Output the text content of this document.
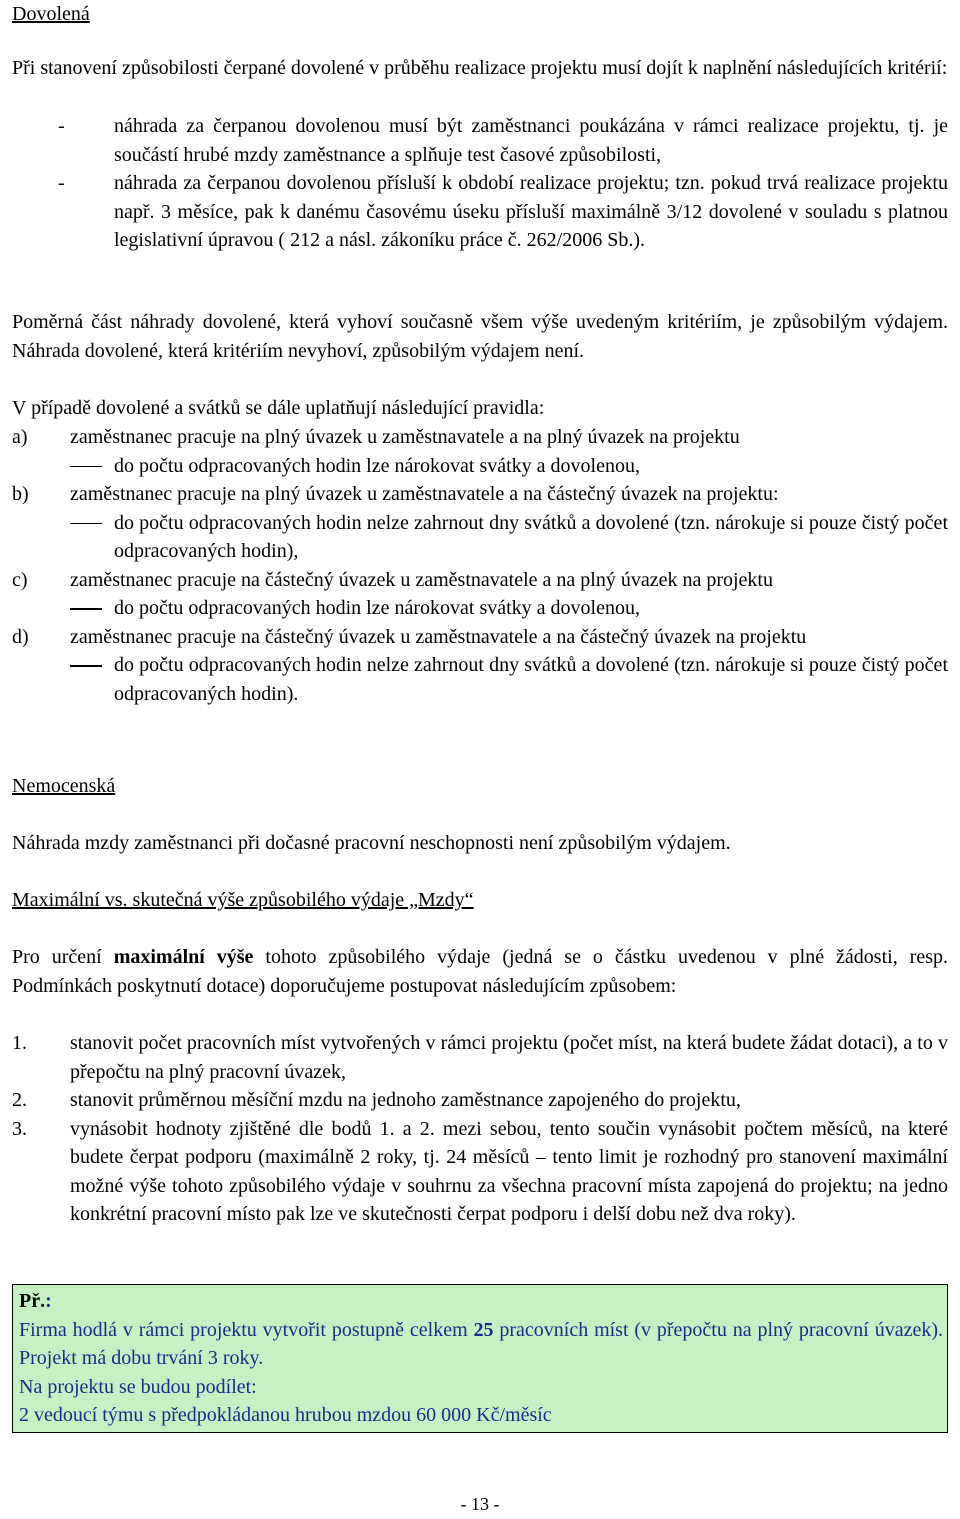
Dovolená

Při stanovení způsobilosti čerpané dovolené v průběhu realizace projektu musí dojít k naplnění následujících kritérií:

- náhrada za čerpanou dovolenou musí být zaměstnanci poukázána v rámci realizace projektu, tj. je součástí hrubé mzdy zaměstnance a splňuje test časové způsobilosti,
- náhrada za čerpanou dovolenou přísluší k období realizace projektu; tzn. pokud trvá realizace projektu např. 3 měsíce, pak k danému časovému úseku přísluší maximálně 3/12 dovolené v souladu s platnou legislativní úpravou ( 212 a násl. zákoníku práce č. 262/2006 Sb.).

Poměrná část náhrady dovolené, která vyhoví současně všem výše uvedeným kritériím, je způsobilým výdajem. Náhrada dovolené, která kritériím nevyhoví, způsobilým výdajem není.

V případě dovolené a svátků se dále uplatňují následující pravidla:

a) zaměstnanec pracuje na plný úvazek u zaměstnavatele a na plný úvazek na projektu
do počtu odpracovaných hodin lze nárokovat svátky a dovolenou,
b) zaměstnanec pracuje na plný úvazek u zaměstnavatele a na částečný úvazek na projektu:
do počtu odpracovaných hodin nelze zahrnout dny svátků a dovolené (tzn. nárokuje si pouze čistý počet odpracovaných hodin),
c) zaměstnanec pracuje na částečný úvazek u zaměstnavatele a na plný úvazek na projektu
do počtu odpracovaných hodin lze nárokovat svátky a dovolenou,
d) zaměstnanec pracuje na částečný úvazek u zaměstnavatele a na částečný úvazek na projektu
do počtu odpracovaných hodin nelze zahrnout dny svátků a dovolené (tzn. nárokuje si pouze čistý počet odpracovaných hodin).

Nemocenská

Náhrada mzdy zaměstnanci při dočasné pracovní neschopnosti není způsobilým výdajem.

Maximální vs. skutečná výše způsobilého výdaje „Mzdy“

Pro určení maximální výše tohoto způsobilého výdaje (jedná se o částku uvedenou v plné žádosti, resp. Podmínkách poskytnutí dotace) doporučujeme postupovat následujícím způsobem:

1. stanovit počet pracovních míst vytvořených v rámci projektu (počet míst, na která budete žádat dotaci), a to v přepočtu na plný pracovní úvazek,
2. stanovit průměrnou měsíční mzdu na jednoho zaměstnance zapojeného do projektu,
3. vynásobit hodnoty zjištěné dle bodů 1. a 2. mezi sebou, tento součin vynásobit počtem měsíců, na které budete čerpat podporu (maximálně 2 roky, tj. 24 měsíců – tento limit je rozhodný pro stanovení maximální možné výše tohoto způsobilého výdaje v souhrnu za všechna pracovní místa zapojená do projektu; na jedno konkrétní pracovní místo pak lze ve skutečnosti čerpat podporu i delší dobu než dva roky).

Př.:

Firma hodlá v rámci projektu vytvořit postupně celkem 25 pracovních míst (v přepočtu na plný pracovní úvazek). Projekt má dobu trvání 3 roky.

Na projektu se budou podílet:

2 vedoucí týmu s předpokládanou hrubou mzdou 60 000 Kč/měsíc

- 13 -
